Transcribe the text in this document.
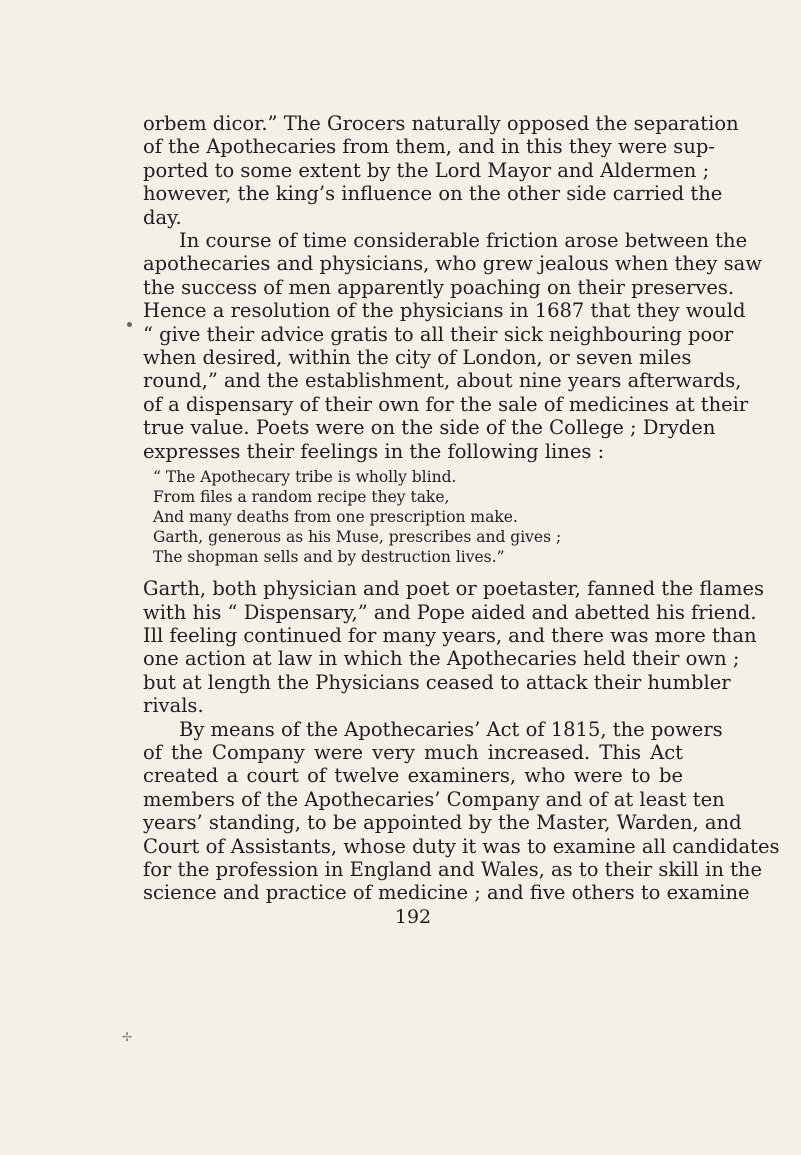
orbem dicor.” The Grocers naturally opposed the separation

of the Apothecaries from them, and in this they were sup-

ported to some extent by the Lord Mayor and Aldermen ;

however, the king’s influence on the other side carried the

day.

In course of time considerable friction arose between the

apothecaries and physicians, who grew jealous when they saw

the success of men apparently poaching on their preserves.

Hence a resolution of the physicians in 1687 that they would

“ give their advice gratis to all their sick neighbouring poor

when desired, within the city of London, or seven miles

round,” and the establishment, about nine years afterwards,

of a dispensary of their own for the sale of medicines at their

true value. Poets were on the side of the College ; Dryden

expresses their feelings in the following lines :

“ The Apothecary tribe is wholly blind.

From files a random recipe they take,

And many deaths from one prescription make.

Garth, generous as his Muse, prescribes and gives ;

The shopman sells and by destruction lives.”

Garth, both physician and poet or poetaster, fanned the flames

with his “ Dispensary,” and Pope aided and abetted his friend.

Ill feeling continued for many years, and there was more than

one action at law in which the Apothecaries held their own ;

but at length the Physicians ceased to attack their humbler

rivals.

By means of the Apothecaries’ Act of 1815, the powers

of the Company were very much increased. This Act

created a court of twelve examiners, who were to be

members of the Apothecaries’ Company and of at least ten

years’ standing, to be appointed by the Master, Warden, and

Court of Assistants, whose duty it was to examine all candidates

for the profession in England and Wales, as to their skill in the

science and practice of medicine ; and five others to examine

192
✢
